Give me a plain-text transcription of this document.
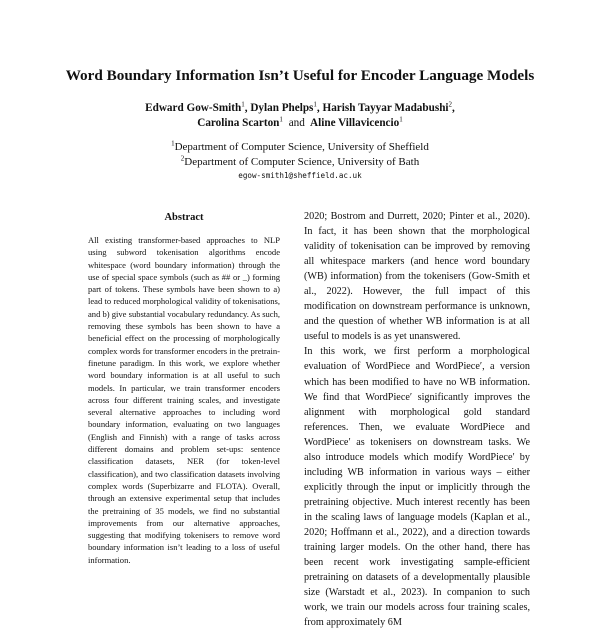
Word Boundary Information Isn’t Useful for Encoder Language Models
Edward Gow-Smith$^1$, Dylan Phelps$^1$, Harish Tayyar Madabushi$^2$,
Carolina Scarton$^1$ and Aline Villavicencio$^1$
$^1$Department of Computer Science, University of Sheffield
$^2$Department of Computer Science, University of Bath
egow-smith1@sheffield.ac.uk
Abstract

All existing transformer-based approaches to NLP using subword tokenisation algorithms encode whitespace (word boundary information) through the use of special space symbols (such as ## or _) forming part of tokens. These symbols have been shown to a) lead to reduced morphological validity of tokenisations, and b) give substantial vocabulary redundancy. As such, removing these symbols has been shown to have a beneficial effect on the processing of morphologically complex words for transformer encoders in the pretrain-finetune paradigm. In this work, we explore whether word boundary information is at all useful to such models. In particular, we train transformer encoders across four different training scales, and investigate several alternative approaches to including word boundary information, evaluating on two languages (English and Finnish) with a range of tasks across different domains and problem set-ups: sentence classification datasets, NER (for token-level classification), and two classification datasets involving complex words (Superbizarre and FLOTA). Overall, through an extensive experimental setup that includes the pretraining of 35 models, we find no substantial improvements from our alternative approaches, suggesting that modifying tokenisers to remove word boundary information isn’t leading to a loss of useful information.

2020; Bostrom and Durrett, 2020; Pinter et al., 2020). In fact, it has been shown that the morphological validity of tokenisation can be improved by removing all whitespace markers (and hence word boundary (WB) information) from the tokenisers (Gow-Smith et al., 2022). However, the full impact of this modification on downstream performance is unknown, and the question of whether WB information is at all useful to models is as yet unanswered.

In this work, we first perform a morphological evaluation of WordPiece and WordPiece′, a version which has been modified to have no WB information. We find that WordPiece′ significantly improves the alignment with morphological gold standard references. Then, we evaluate WordPiece and WordPiece′ as tokenisers on downstream tasks. We also introduce models which modify WordPiece′ by including WB information in various ways – either explicitly through the input or implicitly through the pretraining objective. Much interest recently has been in the scaling laws of language models (Kaplan et al., 2020; Hoffmann et al., 2022), and a direction towards training larger models. On the other hand, there has been recent work investigating sample-efficient pretraining on datasets of a developmentally plausible size (Warstadt et al., 2023). In companion to such work, we train our models across four training scales, from approximately 6M
